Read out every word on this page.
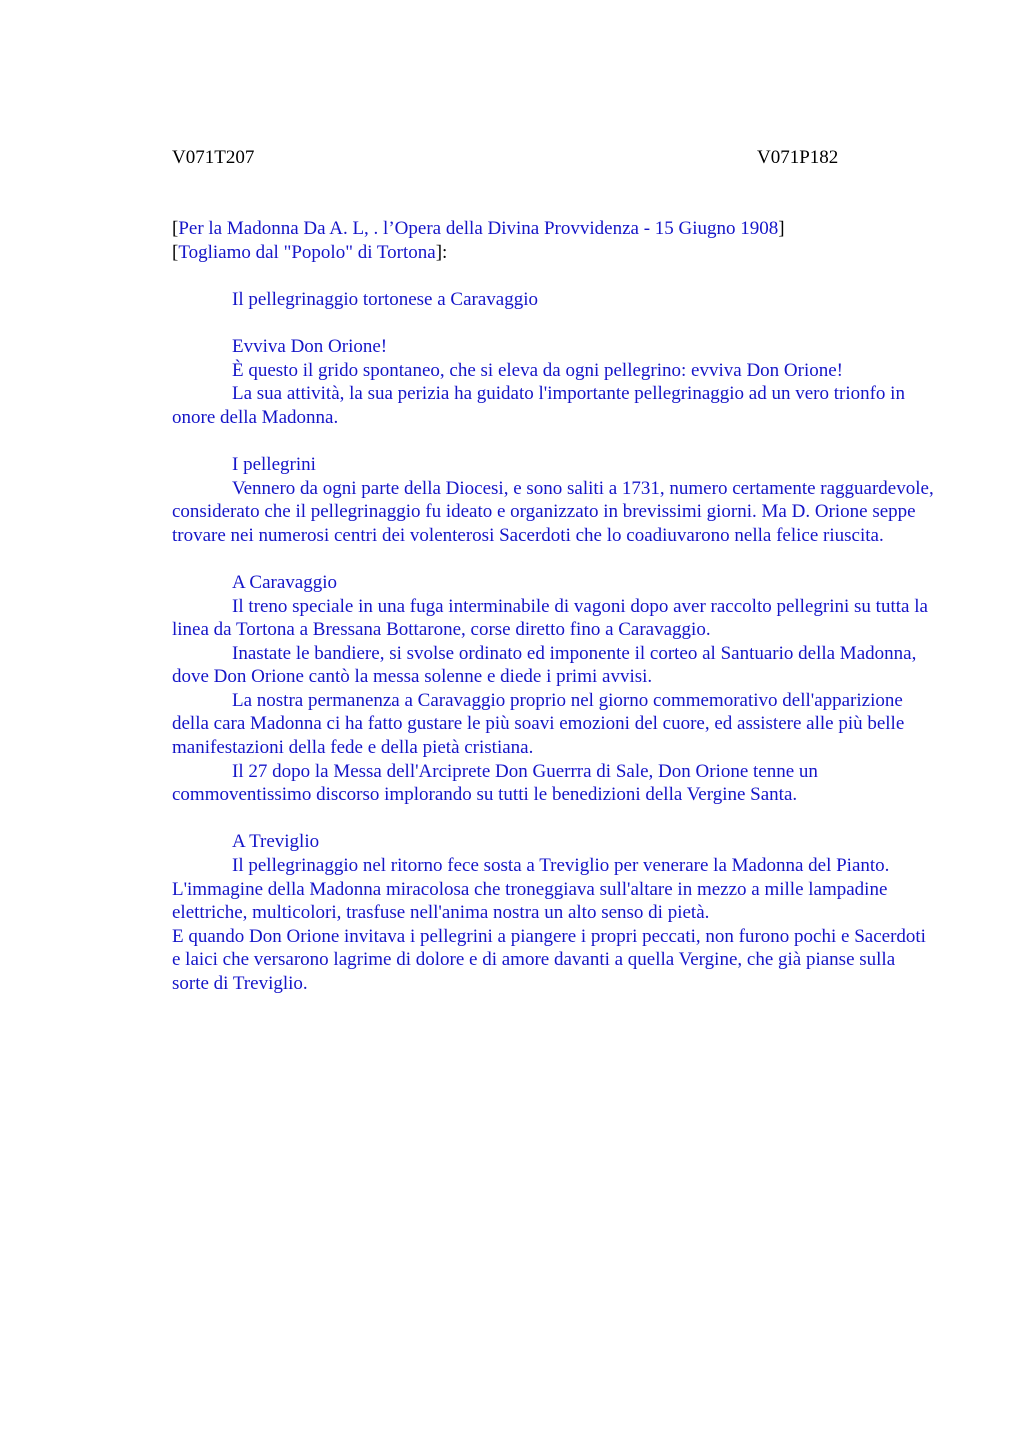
V071T207	V071P182
[Per la Madonna Da A. L, . l’Opera della Divina Provvidenza - 15 Giugno 1908]
[Togliamo dal "Popolo" di Tortona]:
Il pellegrinaggio tortonese a Caravaggio
Evviva Don Orione!
È questo il grido spontaneo, che si eleva da ogni pellegrino: evviva Don Orione!
La sua attività, la sua perizia ha guidato l'importante pellegrinaggio ad un vero trionfo in onore della Madonna.
I pellegrini
Vennero da ogni parte della Diocesi, e sono saliti a 1731, numero certamente ragguardevole, considerato che il pellegrinaggio fu ideato e organizzato in brevissimi giorni. Ma D. Orione seppe trovare nei numerosi centri dei volenterosi Sacerdoti che lo coadiuvarono nella felice riuscita.
A Caravaggio
Il treno speciale in una fuga interminabile di vagoni dopo aver raccolto pellegrini su tutta la linea da Tortona a Bressana Bottarone, corse diretto fino a Caravaggio.
Inastate le bandiere, si svolse ordinato ed imponente il corteo al Santuario della Madonna, dove Don Orione cantò la messa solenne e diede i primi avvisi.
La nostra permanenza a Caravaggio proprio nel giorno commemorativo dell'apparizione della cara Madonna ci ha fatto gustare le più soavi emozioni del cuore, ed assistere alle più belle manifestazioni della fede e della pietà cristiana.
Il 27 dopo la Messa dell'Arciprete Don Guerrra di Sale, Don Orione tenne un commoventissimo discorso implorando su tutti le benedizioni della Vergine Santa.
A Treviglio
Il pellegrinaggio nel ritorno fece sosta a Treviglio per venerare la Madonna del Pianto. L'immagine della Madonna miracolosa che troneggiava sull'altare in mezzo a mille lampadine elettriche, multicolori, trasfuse nell'anima nostra un alto senso di pietà.
E quando Don Orione invitava i pellegrini a piangere i propri peccati, non furono pochi e Sacerdoti e laici che versarono lagrime di dolore e di amore davanti a quella Vergine, che già pianse sulla sorte di Treviglio.
